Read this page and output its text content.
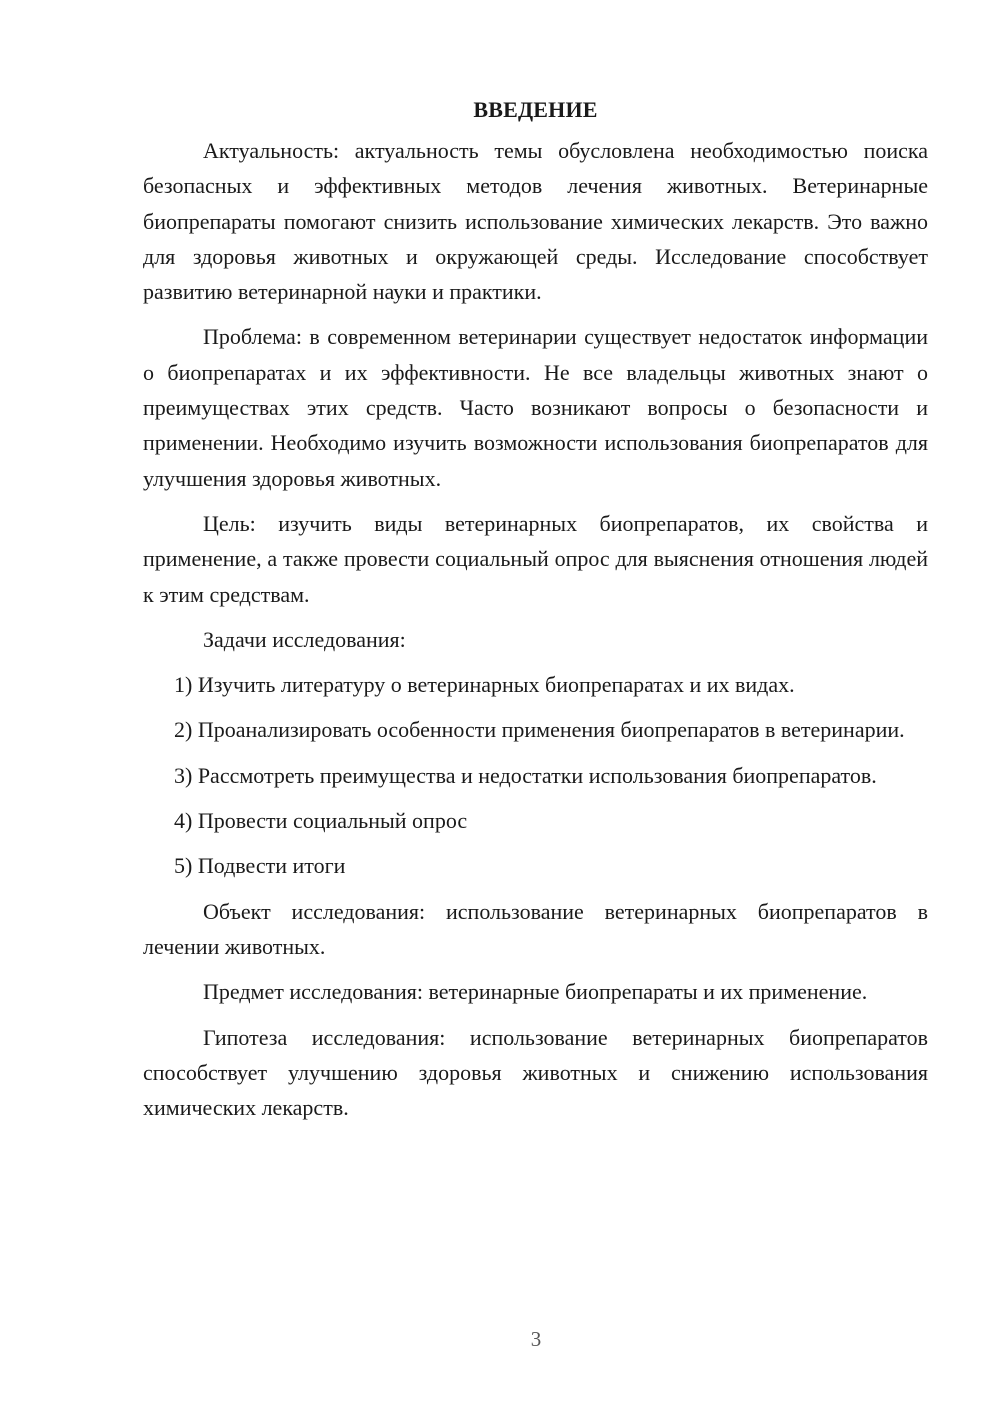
ВВЕДЕНИЕ

Актуальность: актуальность темы обусловлена необходимостью поиска безопасных и эффективных методов лечения животных. Ветеринарные биопрепараты помогают снизить использование химических лекарств. Это важно для здоровья животных и окружающей среды. Исследование способствует развитию ветеринарной науки и практики.

Проблема: в современном ветеринарии существует недостаток информации о биопрепаратах и их эффективности. Не все владельцы животных знают о преимуществах этих средств. Часто возникают вопросы о безопасности и применении. Необходимо изучить возможности использования биопрепаратов для улучшения здоровья животных.

Цель: изучить виды ветеринарных биопрепаратов, их свойства и применение, а также провести социальный опрос для выяснения отношения людей к этим средствам.

Задачи исследования:

1) Изучить литературу о ветеринарных биопрепаратах и их видах.

2) Проанализировать особенности применения биопрепаратов в ветеринарии.

3) Рассмотреть преимущества и недостатки использования биопрепаратов.

4) Провести социальный опрос

5) Подвести итоги

Объект исследования: использование ветеринарных биопрепаратов в лечении животных.

Предмет исследования: ветеринарные биопрепараты и их применение.

Гипотеза исследования: использование ветеринарных биопрепаратов способствует улучшению здоровья животных и снижению использования химических лекарств.

3
